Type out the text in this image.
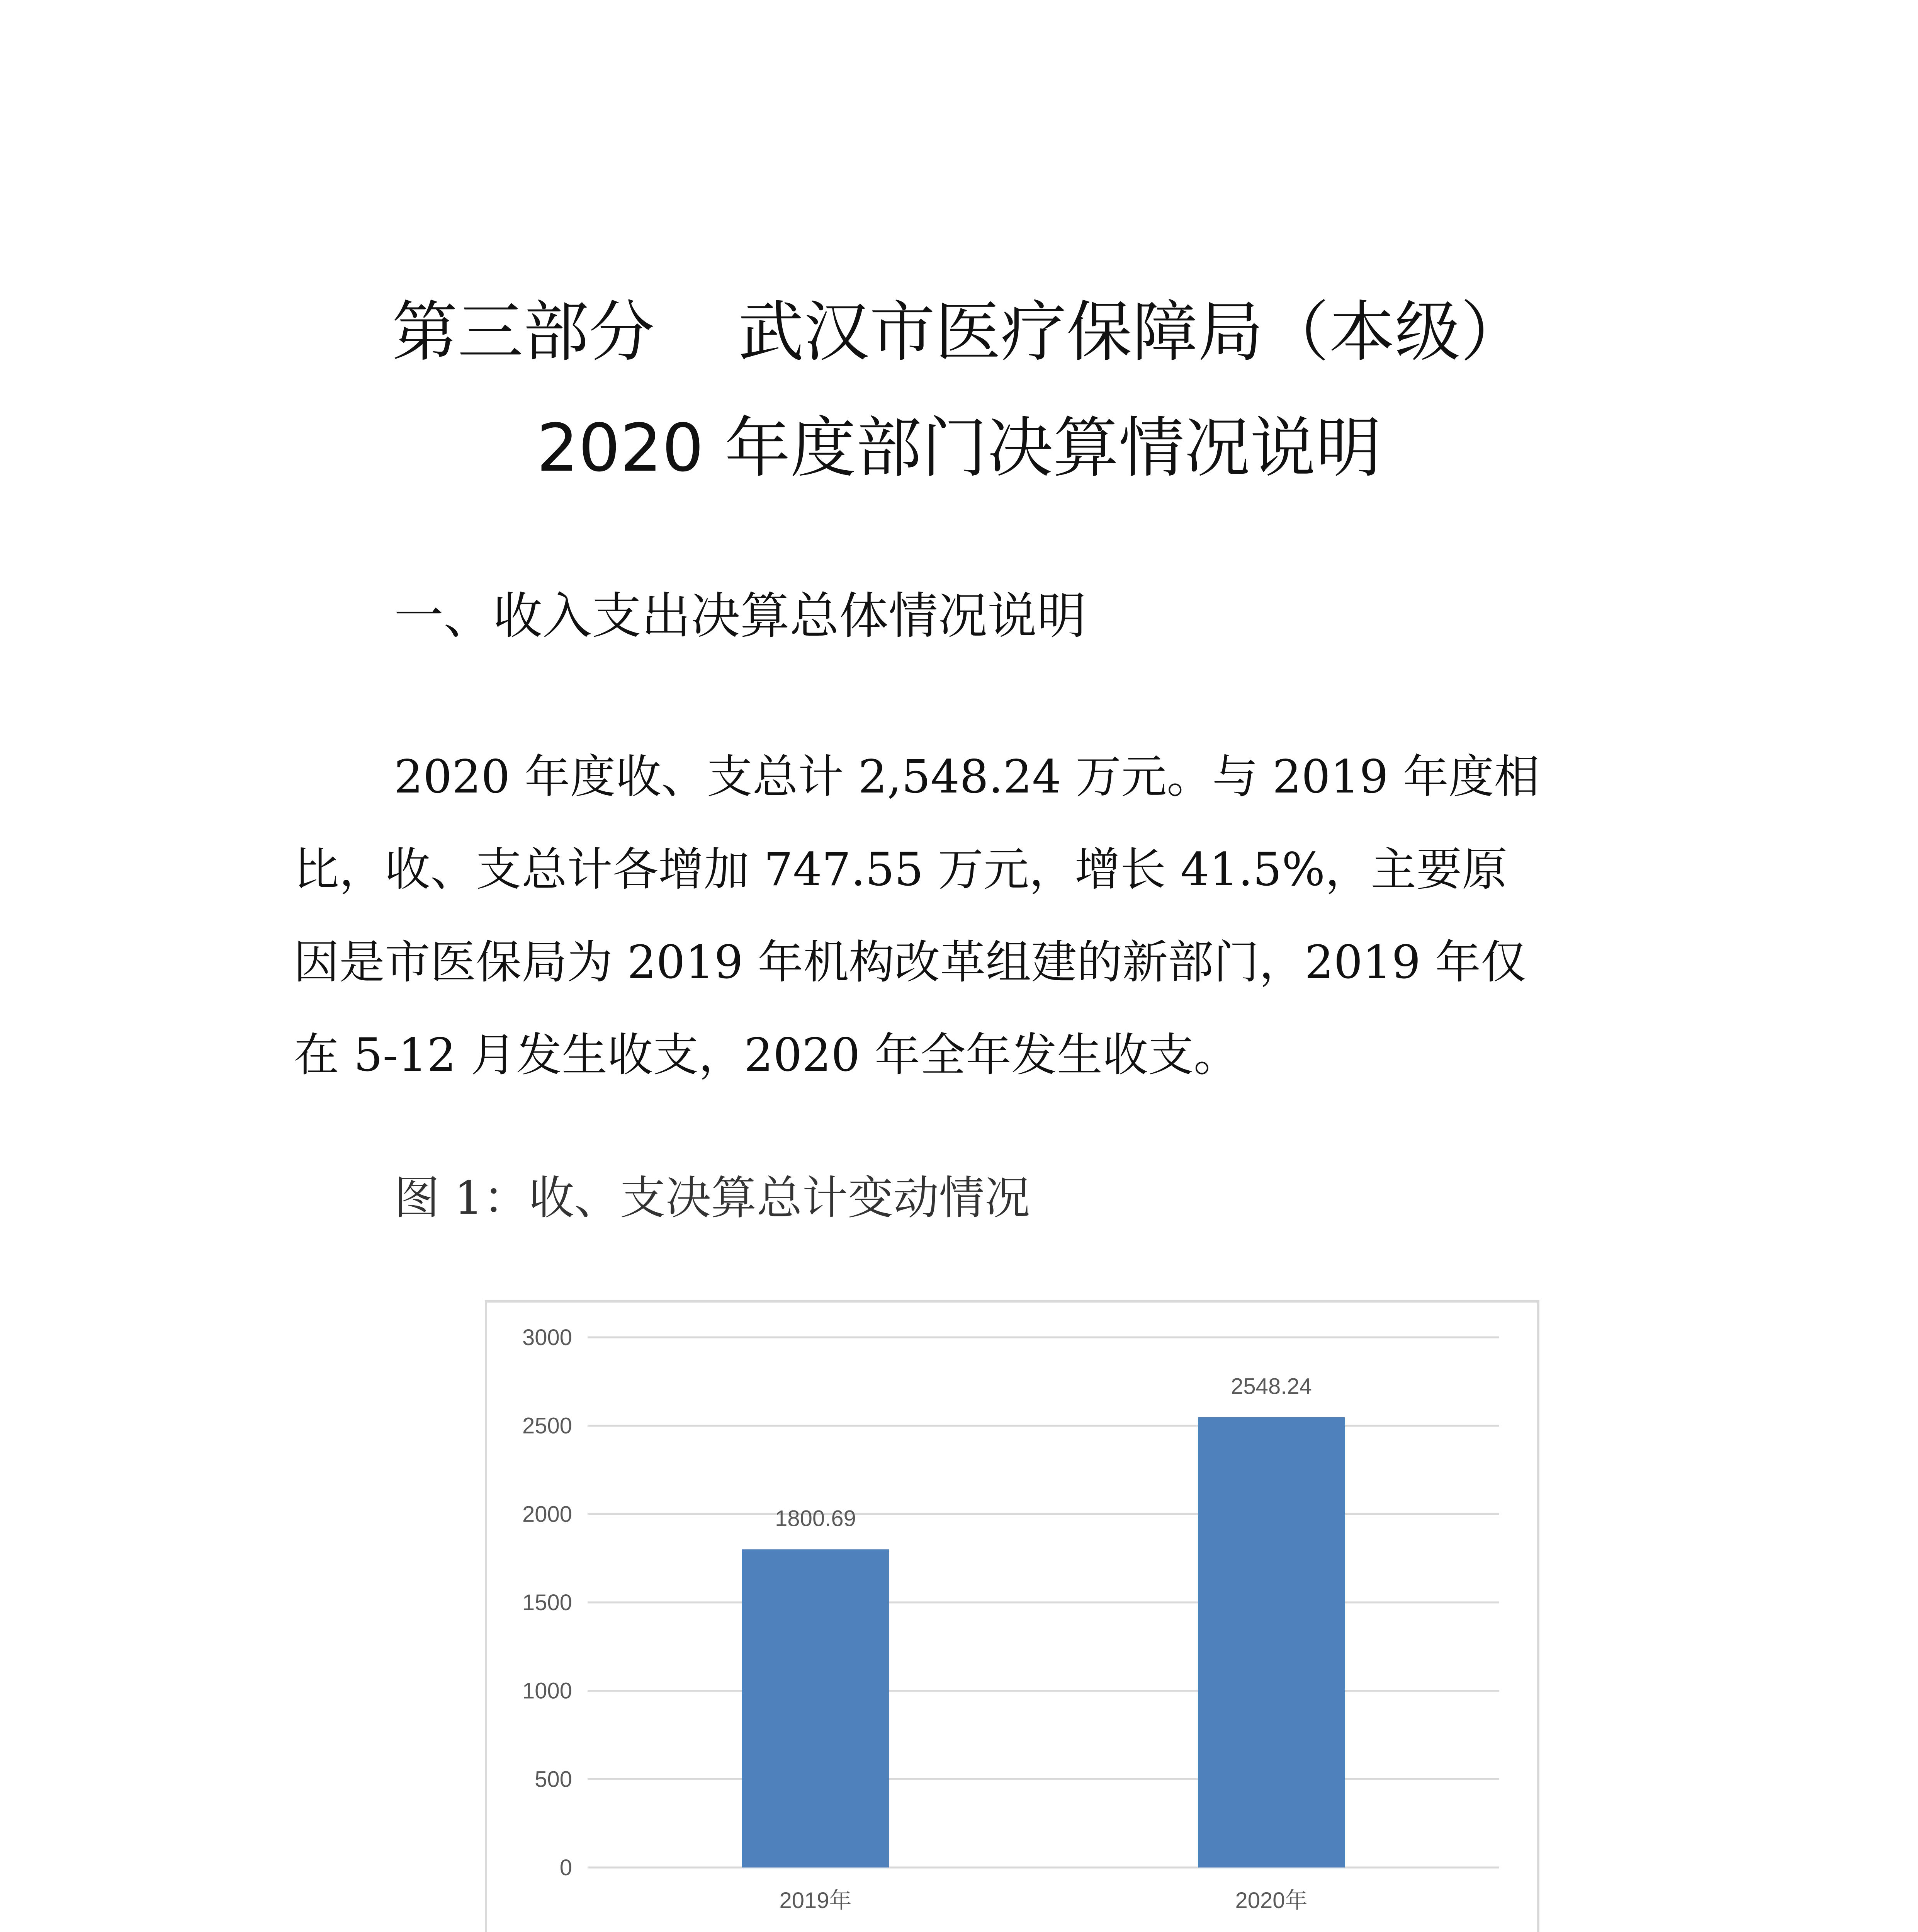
第三部分    武汉市医疗保障局（本级）
2020 年度部门决算情况说明
一、收入支出决算总体情况说明
2020 年度收、支总计 2,548.24 万元。与 2019 年度相
比，收、支总计各增加 747.55 万元，增长 41.5%，主要原
因是市医保局为 2019 年机构改革组建的新部门，2019 年仅
在 5-12 月发生收支，2020 年全年发生收支。
图 1：收、支决算总计变动情况
0
500
1000
1500
2000
2500
3000
1800.69
2019年
2548.24
2020年
